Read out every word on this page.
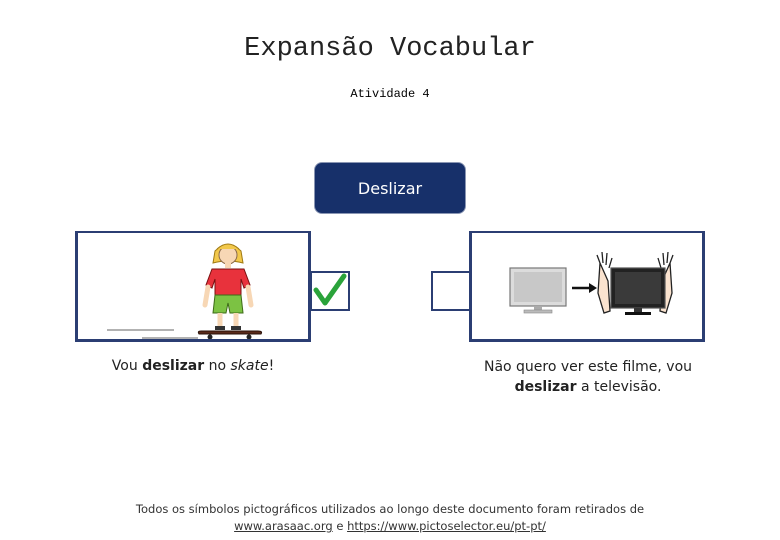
Expansão Vocabular
Atividade 4
Deslizar
Vou deslizar no skate!	Não quero ver este filme, vou deslizar a televisão.
Todos os símbolos pictográficos utilizados ao longo deste documento foram retirados de
www.arasaac.org e https://www.pictoselector.eu/pt-pt/
